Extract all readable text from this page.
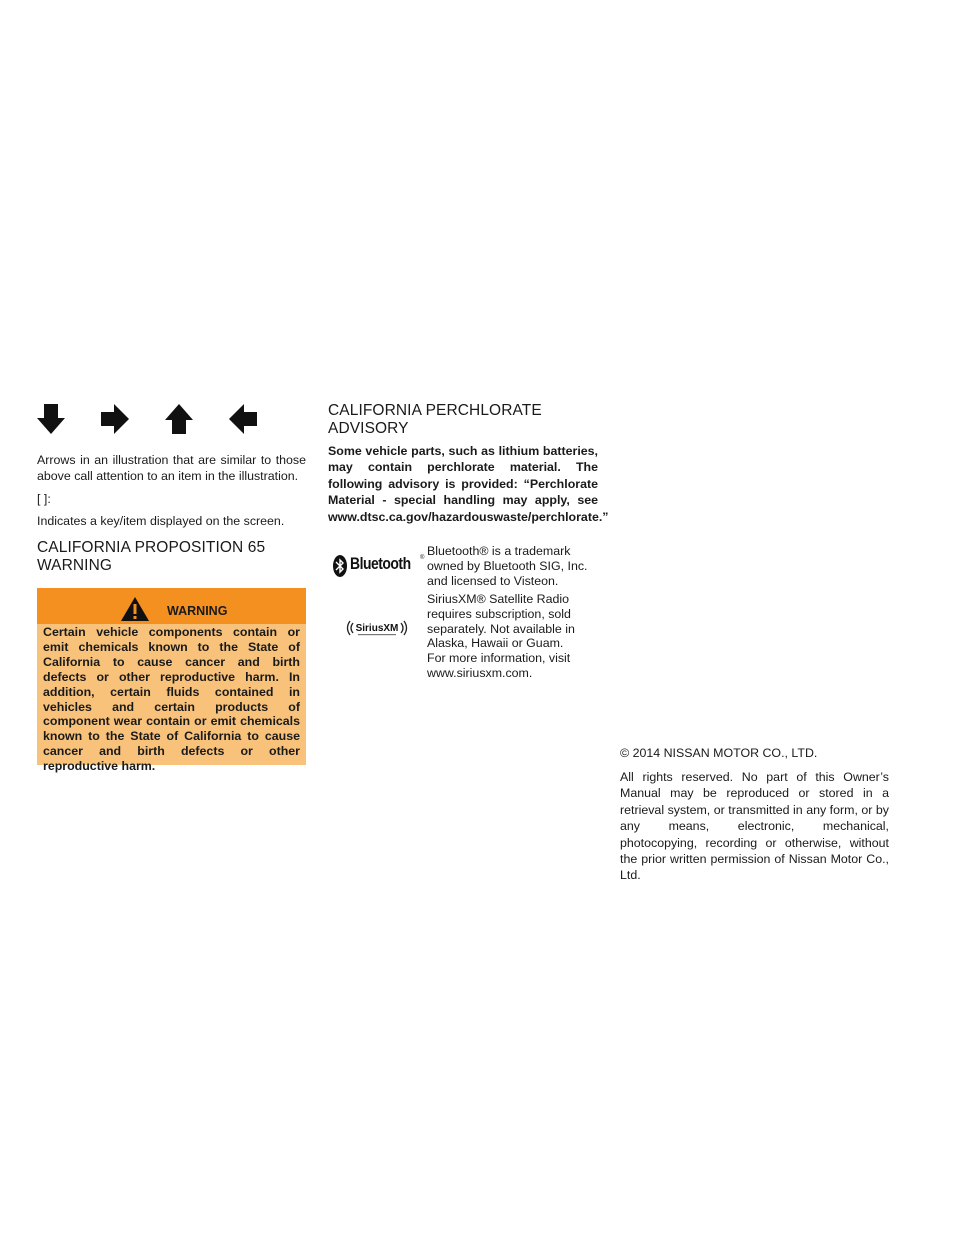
Arrows in an illustration that are similar to those above call attention to an item in the illustration.
[ ]:
Indicates a key/item displayed on the screen.
CALIFORNIA PROPOSITION 65
WARNING
WARNING
Certain vehicle components contain or emit chemicals known to the State of California to cause cancer and birth defects or other reproductive harm. In addition, certain fluids contained in vehicles and certain products of component wear contain or emit chemicals known to the State of California to cause cancer and birth defects or other reproductive harm.
CALIFORNIA PERCHLORATE
ADVISORY
Some vehicle parts, such as lithium batteries, may contain perchlorate material. The following advisory is provided: “Perchlorate Material - special handling may apply, see www.dtsc.ca.gov/hazardouswaste/perchlorate.”
Bluetooth ® Bluetooth® is a trademark
owned by Bluetooth SIG, Inc.
and licensed to Visteon.
SiriusXM
SiriusXM® Satellite Radio
requires subscription, sold
separately. Not available in
Alaska, Hawaii or Guam.
For more information, visit
www.siriusxm.com.
© 2014 NISSAN MOTOR CO., LTD.
All rights reserved. No part of this Owner’s Manual may be reproduced or stored in a retrieval system, or transmitted in any form, or by any means, electronic, mechanical, photocopying, recording or otherwise, without the prior written permission of Nissan Motor Co., Ltd.
